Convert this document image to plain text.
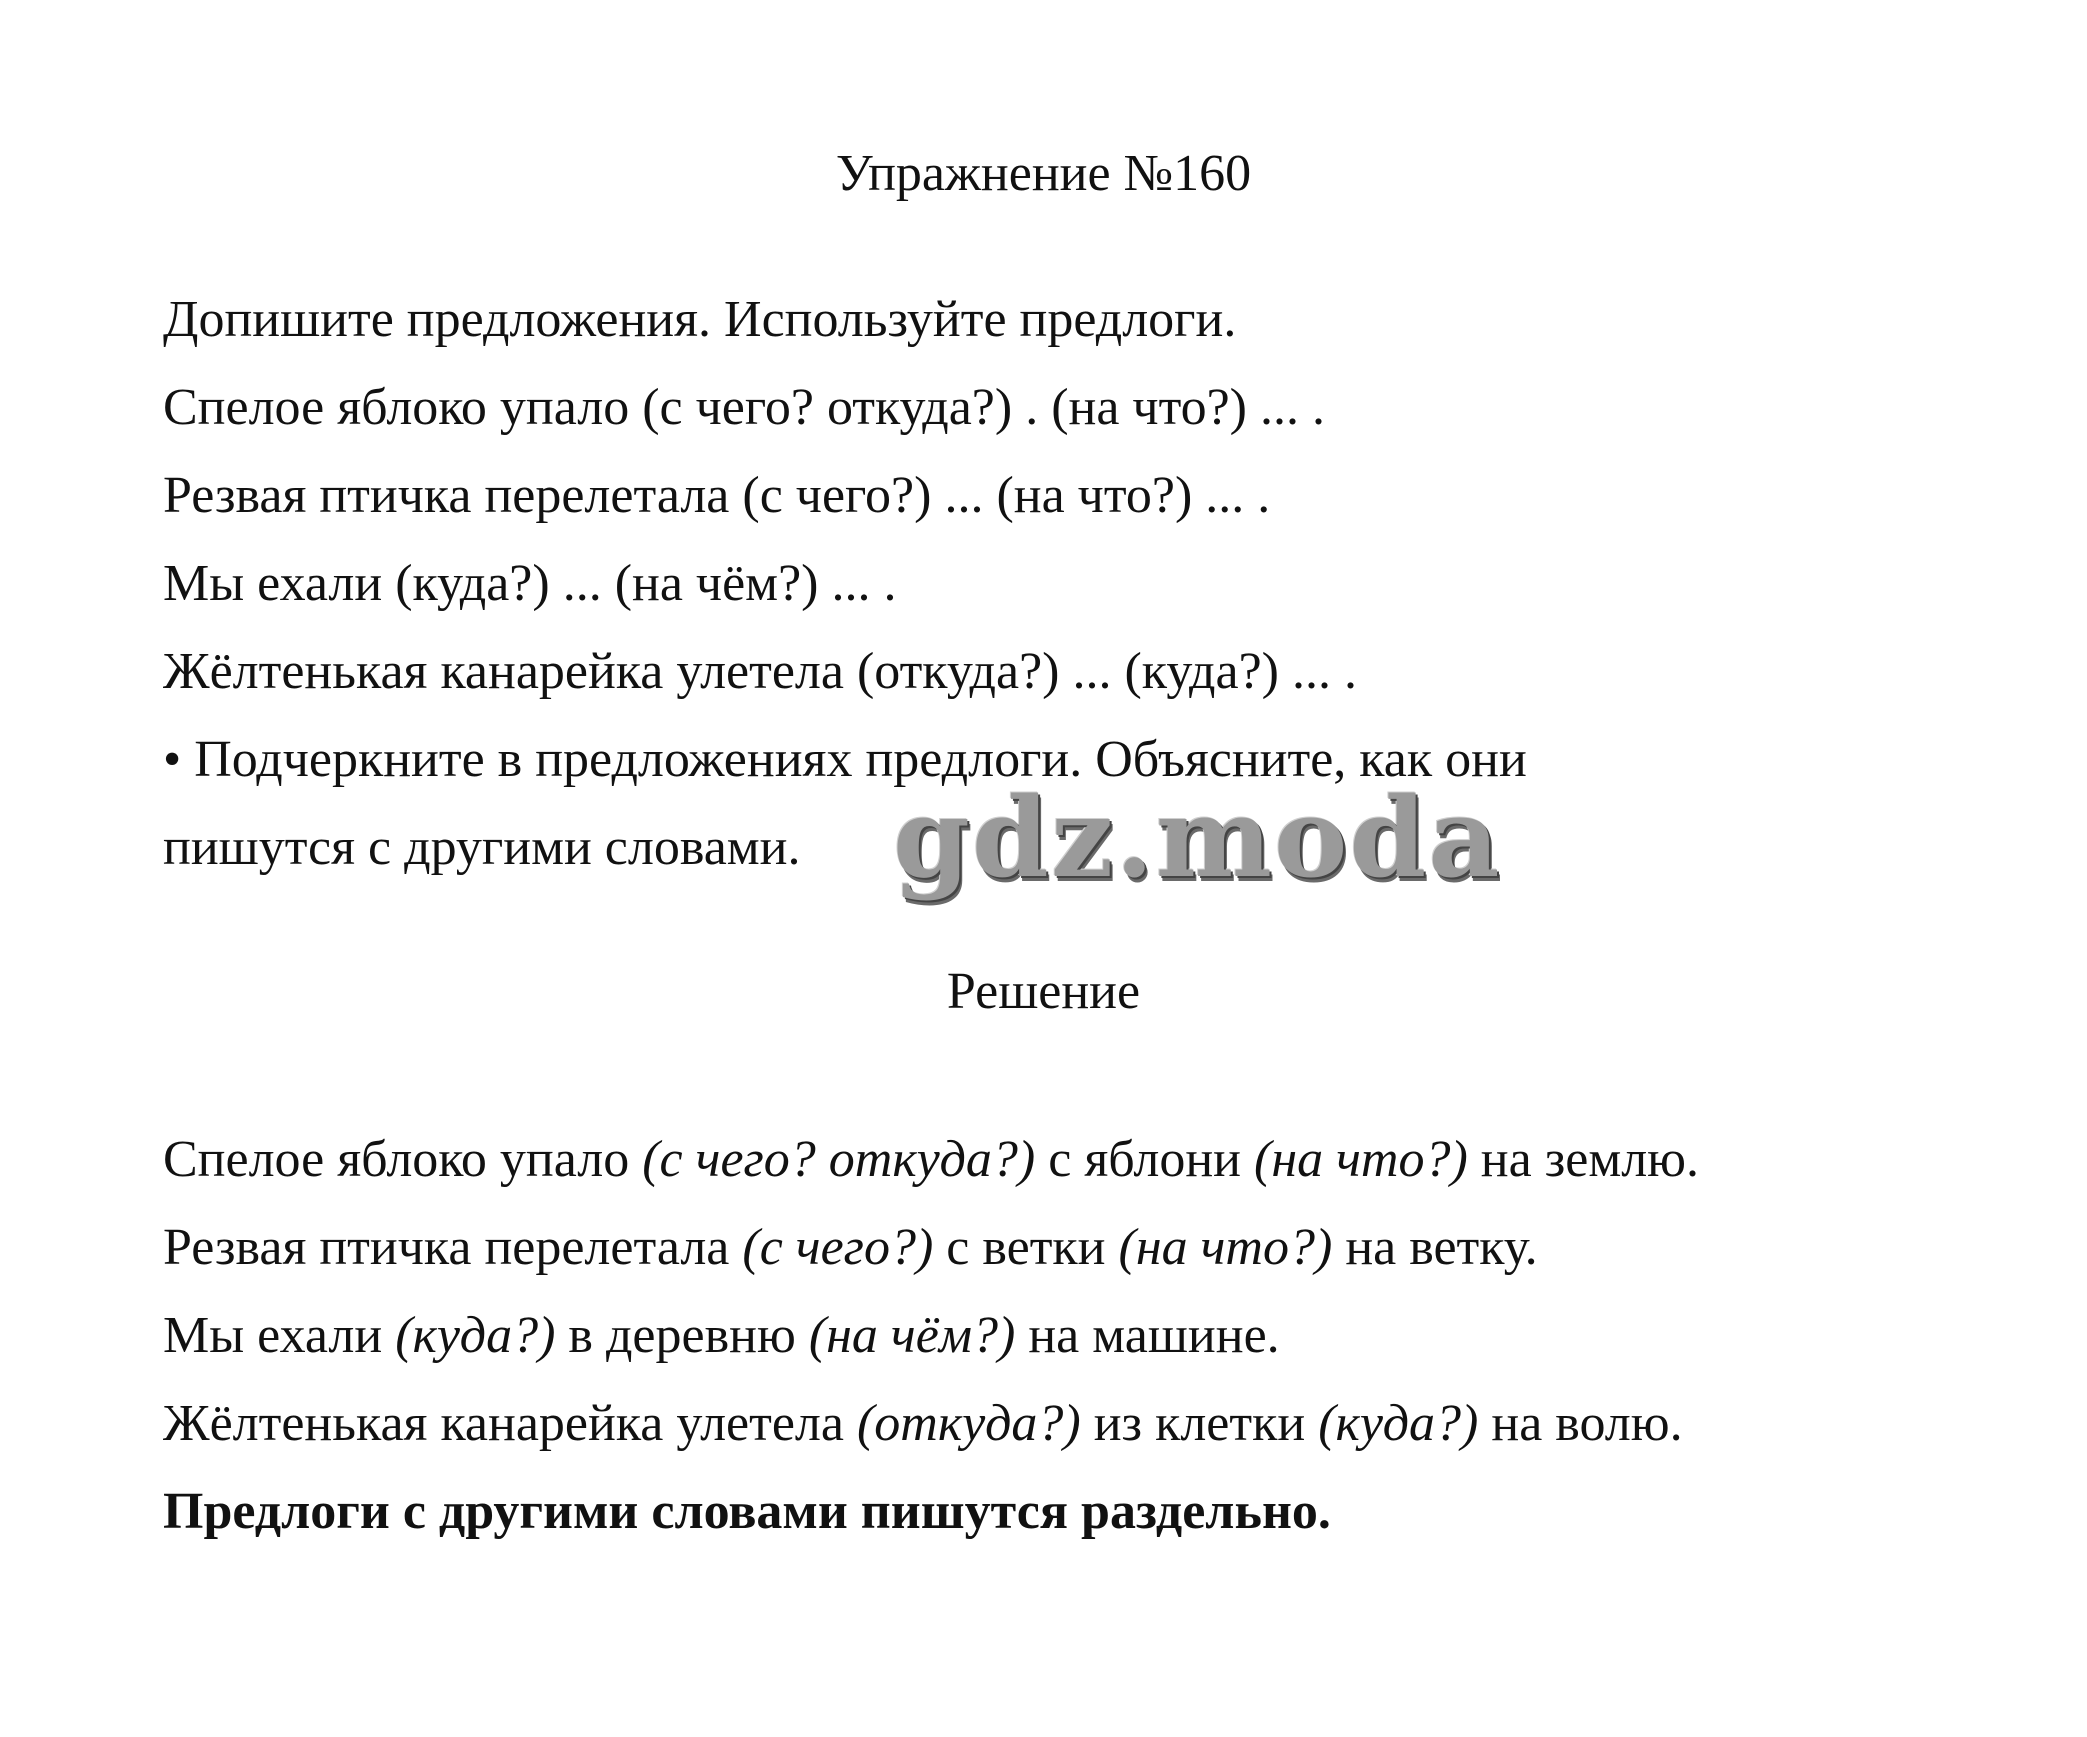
Упражнение №160
Допишите предложения. Используйте предлоги.
Спелое яблоко упало (с чего? откуда?) . (на что?) ... .
Резвая птичка перелетала (с чего?) ... (на что?) ... .
Мы ехали (куда?) ... (на чём?) ... .
Жёлтенькая канарейка улетела (откуда?) ... (куда?) ... .
• Подчеркните в предложениях предлоги. Объясните, как они
пишутся с другими словами. gdz.moda
Решение
Спелое яблоко упало (с чего? откуда?) с яблони (на что?) на землю.
Резвая птичка перелетала (с чего?) с ветки (на что?) на ветку.
Мы ехали (куда?) в деревню (на чём?) на машине.
Жёлтенькая канарейка улетела (откуда?) из клетки (куда?) на волю.
Предлоги с другими словами пишутся раздельно.
